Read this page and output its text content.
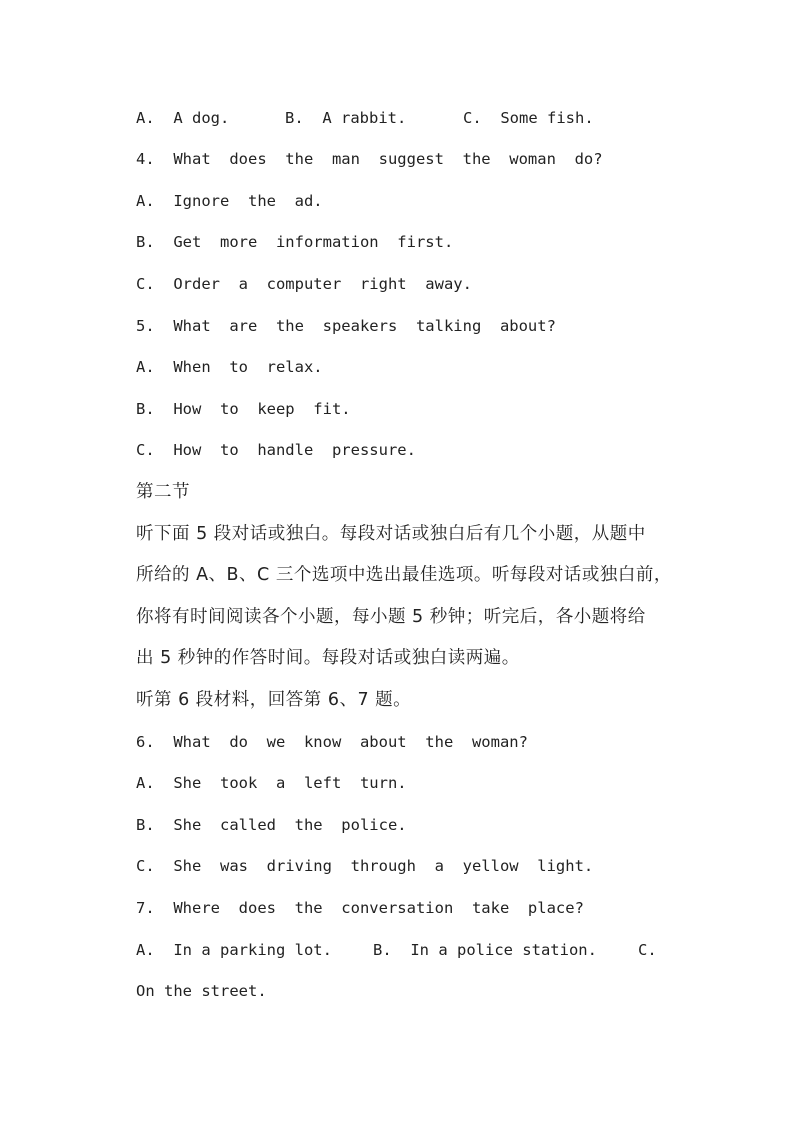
A.  A dog.	B.  A rabbit.	C.  Some fish.

4.  What  does  the  man  suggest  the  woman  do?

A.  Ignore  the  ad.

B.  Get  more  information  first.

C.  Order  a  computer  right  away.

5.  What  are  the  speakers  talking  about?

A.  When  to  relax.

B.  How  to  keep  fit.

C.  How  to  handle  pressure.

第二节

听下面 5 段对话或独白。每段对话或独白后有几个小题，从题中

所给的 A、B、C 三个选项中选出最佳选项。听每段对话或独白前，

你将有时间阅读各个小题，每小题 5 秒钟；听完后，各小题将给

出 5 秒钟的作答时间。每段对话或独白读两遍。

听第 6 段材料，回答第 6、7 题。

6.  What  do  we  know  about  the  woman?

A.  She  took  a  left  turn.

B.  She  called  the  police.

C.  She  was  driving  through  a  yellow  light.

7.  Where  does  the  conversation  take  place?

A.  In a parking lot.	B.  In a police station.	C.

On the street.
